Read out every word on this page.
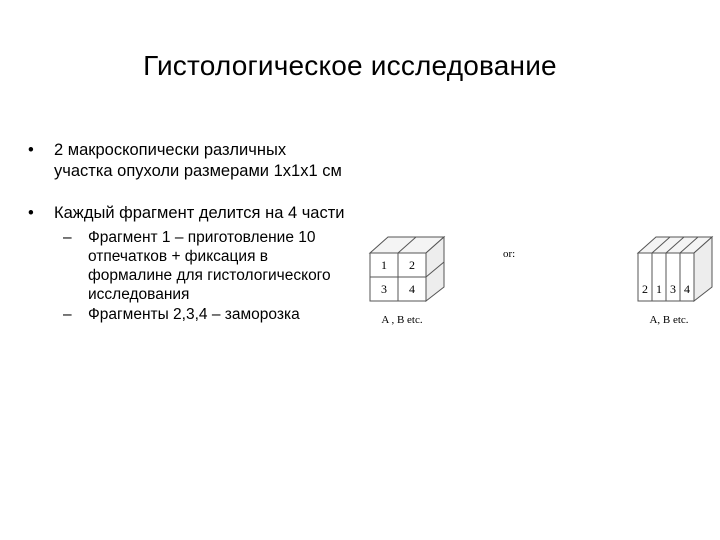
Гистологическое исследование
• 2 макроскопически различных участка опухоли размерами 1х1х1 см
• Каждый фрагмент делится на 4 части
– Фрагмент 1 – приготовление 10 отпечатков + фиксация в формалине для гистологического исследования
– Фрагменты 2,3,4 – заморозка
1 2
3 4
A , B etc.
or:
2 1 3 4
A, B etc.
